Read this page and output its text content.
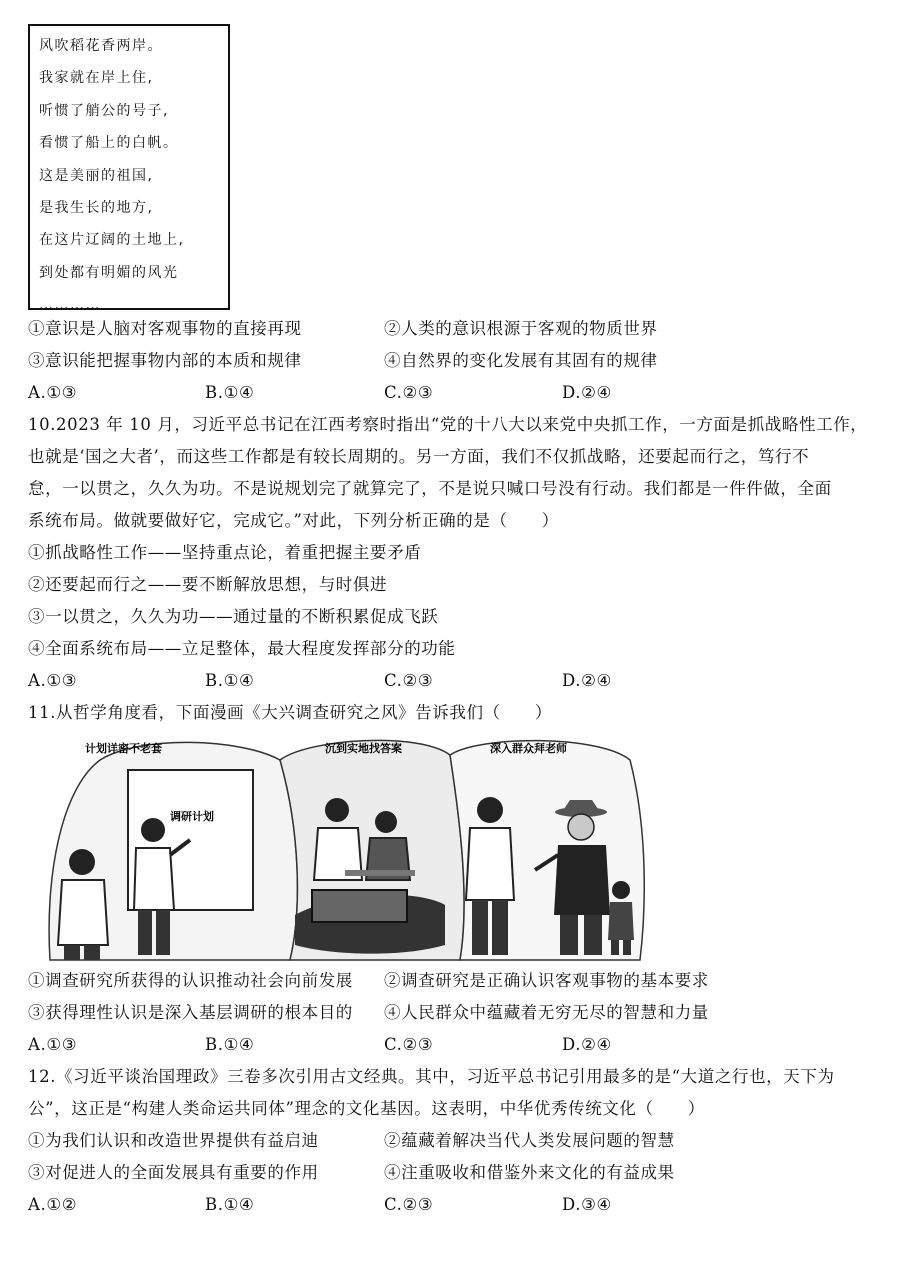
风吹稻花香两岸。
我家就在岸上住,
听惯了艄公的号子,
看惯了船上的白帆。
这是美丽的祖国,
是我生长的地方,
在这片辽阔的土地上,
到处都有明媚的风光
…………
①意识是人脑对客观事物的直接再现	②人类的意识根源于客观的物质世界
③意识能把握事物内部的本质和规律	④自然界的变化发展有其固有的规律
A.①③	B.①④	C.②③	D.②④
10.2023 年 10 月，习近平总书记在江西考察时指出“党的十八大以来党中央抓工作，一方面是抓战略性工作，
也就是‘国之大者’，而这些工作都是有较长周期的。另一方面，我们不仅抓战略，还要起而行之，笃行不
怠，一以贯之，久久为功。不是说规划完了就算完了，不是说只喊口号没有行动。我们都是一件件做，全面
系统布局。做就要做好它，完成它。”对此，下列分析正确的是（　　）
①抓战略性工作——坚持重点论，着重把握主要矛盾
②还要起而行之——要不断解放思想，与时俱进
③一以贯之，久久为功——通过量的不断积累促成飞跃
④全面系统布局——立足整体，最大程度发挥部分的功能
A.①③	B.①④	C.②③	D.②④
11.从哲学角度看，下面漫画《大兴调查研究之风》告诉我们（　　）
计划详密不老套	沉到实地找答案	深入群众拜老师
调研计划
①调查研究所获得的认识推动社会向前发展 ②调查研究是正确认识客观事物的基本要求
③获得理性认识是深入基层调研的根本目的 ④人民群众中蕴藏着无穷无尽的智慧和力量
A.①③	B.①④	C.②③	D.②④
12.《习近平谈治国理政》三卷多次引用古文经典。其中，习近平总书记引用最多的是“大道之行也，天下为
公”，这正是“构建人类命运共同体”理念的文化基因。这表明，中华优秀传统文化（　　）
①为我们认识和改造世界提供有益启迪	②蕴藏着解决当代人类发展问题的智慧
③对促进人的全面发展具有重要的作用	④注重吸收和借鉴外来文化的有益成果
A.①②	B.①④	C.②③	D.③④
